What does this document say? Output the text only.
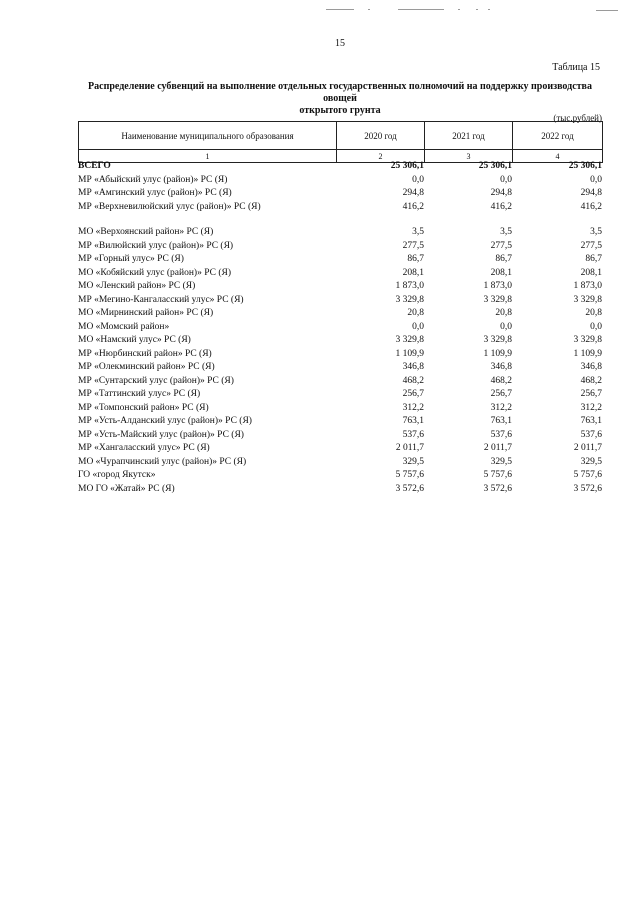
15
Таблица 15
Распределение субвенций на выполнение отдельных государственных полномочий на поддержку производства овощей
открытого грунта
(тыс.рублей)
Наименование муниципального образования	2020 год	2021 год	2022 год
1	2	3	4
ВСЕГО	25 306,1	25 306,1	25 306,1
МР «Абыйский улус (район)» РС (Я)	0,0	0,0	0,0
МР «Амгинский улус (район)» РС (Я)	294,8	294,8	294,8
МР «Верхневилюйский улус (район)» РС (Я)	416,2	416,2	416,2
МО «Верхоянский район» РС (Я)	3,5	3,5	3,5
МР «Вилюйский улус (район)» РС (Я)	277,5	277,5	277,5
МР «Горный улус» РС (Я)	86,7	86,7	86,7
МО «Кобяйский улус (район)» РС (Я)	208,1	208,1	208,1
МО «Ленский район» РС (Я)	1 873,0	1 873,0	1 873,0
МР «Мегино-Кангаласский улус» РС (Я)	3 329,8	3 329,8	3 329,8
МО «Мирнинский район» РС (Я)	20,8	20,8	20,8
МО «Момский район»	0,0	0,0	0,0
МО «Намский улус» РС (Я)	3 329,8	3 329,8	3 329,8
МР «Нюрбинский район» РС (Я)	1 109,9	1 109,9	1 109,9
МР «Олекминский район» РС (Я)	346,8	346,8	346,8
МР «Сунтарский улус (район)» РС (Я)	468,2	468,2	468,2
МР «Таттинский улус» РС (Я)	256,7	256,7	256,7
МР «Томпонский район» РС (Я)	312,2	312,2	312,2
МР «Усть-Алданский улус (район)» РС (Я)	763,1	763,1	763,1
МР «Усть-Майский улус (район)» РС (Я)	537,6	537,6	537,6
МР «Хангаласский улус» РС (Я)	2 011,7	2 011,7	2 011,7
МО «Чурапчинский улус (район)» РС (Я)	329,5	329,5	329,5
ГО «город Якутск»	5 757,6	5 757,6	5 757,6
МО ГО «Жатай» РС (Я)	3 572,6	3 572,6	3 572,6
